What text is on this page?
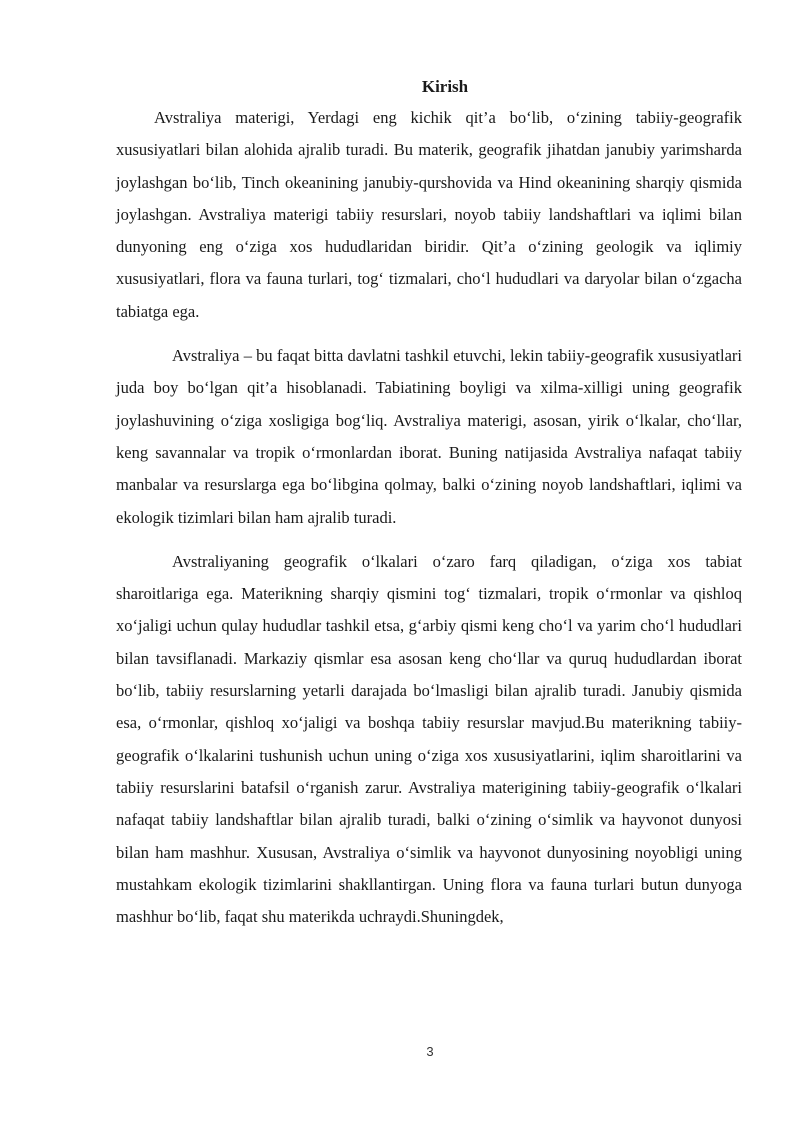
Kirish

Avstraliya materigi, Yerdagi eng kichik qit’a bo‘lib, o‘zining tabiiy-geografik xususiyatlari bilan alohida ajralib turadi. Bu materik, geografik jihatdan janubiy yarimsharda joylashgan bo‘lib, Tinch okeanining janubiy-qurshovida va Hind okeanining sharqiy qismida joylashgan. Avstraliya materigi tabiiy resurslari, noyob tabiiy landshaftlari va iqlimi bilan dunyoning eng o‘ziga xos hududlaridan biridir. Qit’a o‘zining geologik va iqlimiy xususiyatlari, flora va fauna turlari, tog‘ tizmalari, cho‘l hududlari va daryolar bilan o‘zgacha tabiatga ega.

Avstraliya – bu faqat bitta davlatni tashkil etuvchi, lekin tabiiy-geografik xususiyatlari juda boy bo‘lgan qit’a hisoblanadi. Tabiatining boyligi va xilma-xilligi uning geografik joylashuvining o‘ziga xosligiga bog‘liq. Avstraliya materigi, asosan, yirik o‘lkalar, cho‘llar, keng savannalar va tropik o‘rmonlardan iborat. Buning natijasida Avstraliya nafaqat tabiiy manbalar va resurslarga ega bo‘libgina qolmay, balki o‘zining noyob landshaftlari, iqlimi va ekologik tizimlari bilan ham ajralib turadi.

Avstraliyaning geografik o‘lkalari o‘zaro farq qiladigan, o‘ziga xos tabiat sharoitlariga ega. Materikning sharqiy qismini tog‘ tizmalari, tropik o‘rmonlar va qishloq xo‘jaligi uchun qulay hududlar tashkil etsa, g‘arbiy qismi keng cho‘l va yarim cho‘l hududlari bilan tavsiflanadi. Markaziy qismlar esa asosan keng cho‘llar va quruq hududlardan iborat bo‘lib, tabiiy resurslarning yetarli darajada bo‘lmasligi bilan ajralib turadi. Janubiy qismida esa, o‘rmonlar, qishloq xo‘jaligi va boshqa tabiiy resurslar mavjud.Bu materikning tabiiy-geografik o‘lkalarini tushunish uchun uning o‘ziga xos xususiyatlarini, iqlim sharoitlarini va tabiiy resurslarini batafsil o‘rganish zarur. Avstraliya materigining tabiiy-geografik o‘lkalari nafaqat tabiiy landshaftlar bilan ajralib turadi, balki o‘zining o‘simlik va hayvonot dunyosi bilan ham mashhur. Xususan, Avstraliya o‘simlik va hayvonot dunyosining noyobligi uning mustahkam ekologik tizimlarini shakllantirgan. Uning flora va fauna turlari butun dunyoga mashhur bo‘lib, faqat shu materikda uchraydi.Shuningdek,

3
